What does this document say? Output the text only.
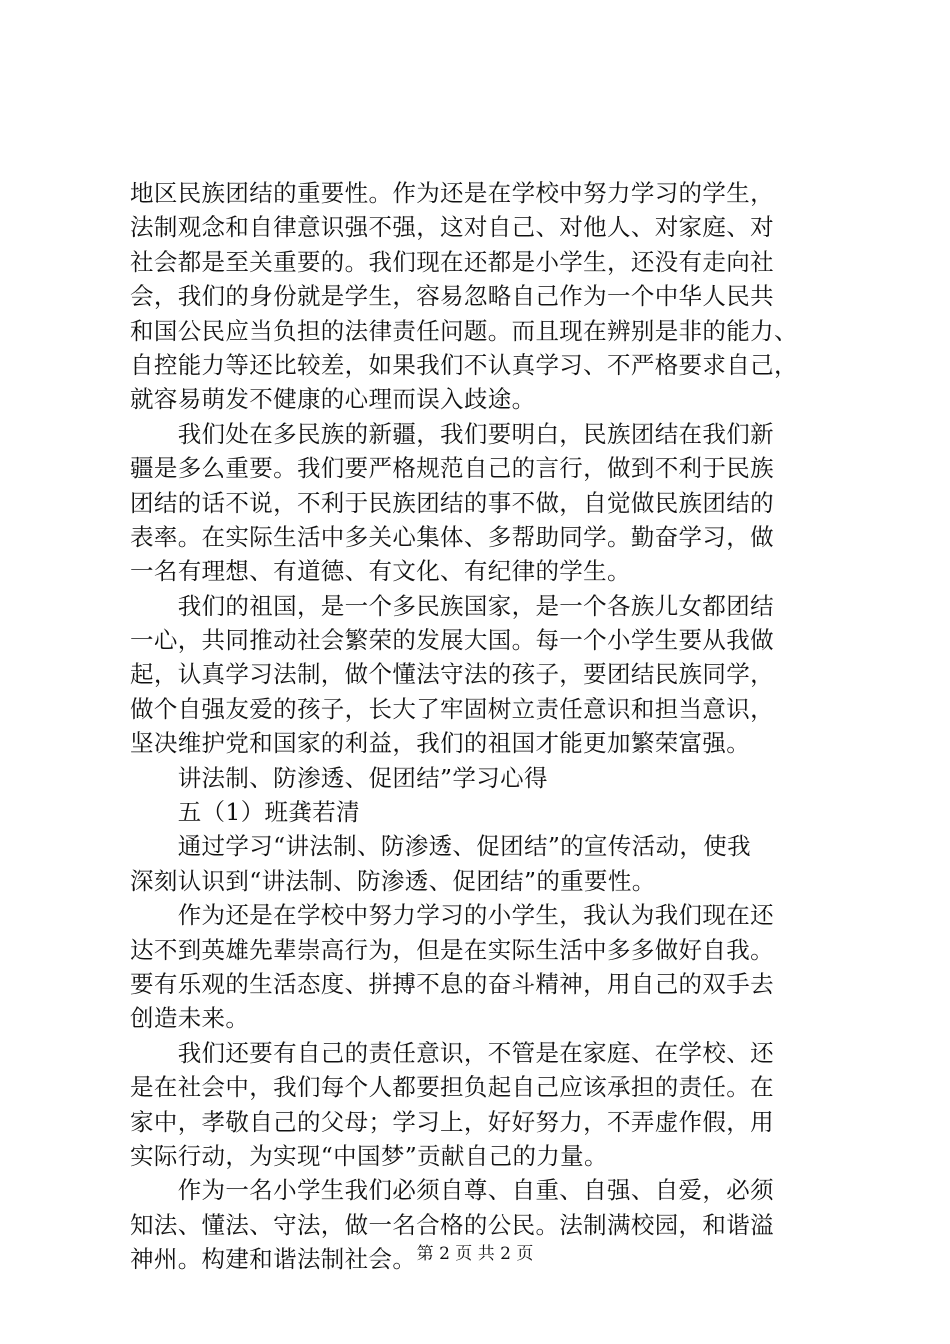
地区民族团结的重要性。作为还是在学校中努力学习的学生，
法制观念和自律意识强不强，这对自己、对他人、对家庭、对
社会都是至关重要的。我们现在还都是小学生，还没有走向社
会，我们的身份就是学生，容易忽略自己作为一个中华人民共
和国公民应当负担的法律责任问题。而且现在辨别是非的能力、
自控能力等还比较差，如果我们不认真学习、不严格要求自己，
就容易萌发不健康的心理而误入歧途。
　　我们处在多民族的新疆，我们要明白，民族团结在我们新
疆是多么重要。我们要严格规范自己的言行，做到不利于民族
团结的话不说，不利于民族团结的事不做，自觉做民族团结的
表率。在实际生活中多关心集体、多帮助同学。勤奋学习，做
一名有理想、有道德、有文化、有纪律的学生。
　　我们的祖国，是一个多民族国家，是一个各族儿女都团结
一心，共同推动社会繁荣的发展大国。每一个小学生要从我做
起，认真学习法制，做个懂法守法的孩子，要团结民族同学，
做个自强友爱的孩子，长大了牢固树立责任意识和担当意识，
坚决维护党和国家的利益，我们的祖国才能更加繁荣富强。
　　讲法制、防渗透、促团结”学习心得
　　五（1）班龚若清
　　通过学习“讲法制、防渗透、促团结”的宣传活动，使我
深刻认识到“讲法制、防渗透、促团结”的重要性。
　　作为还是在学校中努力学习的小学生，我认为我们现在还
达不到英雄先辈崇高行为，但是在实际生活中多多做好自我。
要有乐观的生活态度、拼搏不息的奋斗精神，用自己的双手去
创造未来。
　　我们还要有自己的责任意识，不管是在家庭、在学校、还
是在社会中，我们每个人都要担负起自己应该承担的责任。在
家中，孝敬自己的父母；学习上，好好努力，不弄虚作假，用
实际行动，为实现“中国梦”贡献自己的力量。
　　作为一名小学生我们必须自尊、自重、自强、自爱，必须
知法、懂法、守法，做一名合格的公民。法制满校园，和谐溢
神州。构建和谐法制社会。 第 2 页 共 2 页
